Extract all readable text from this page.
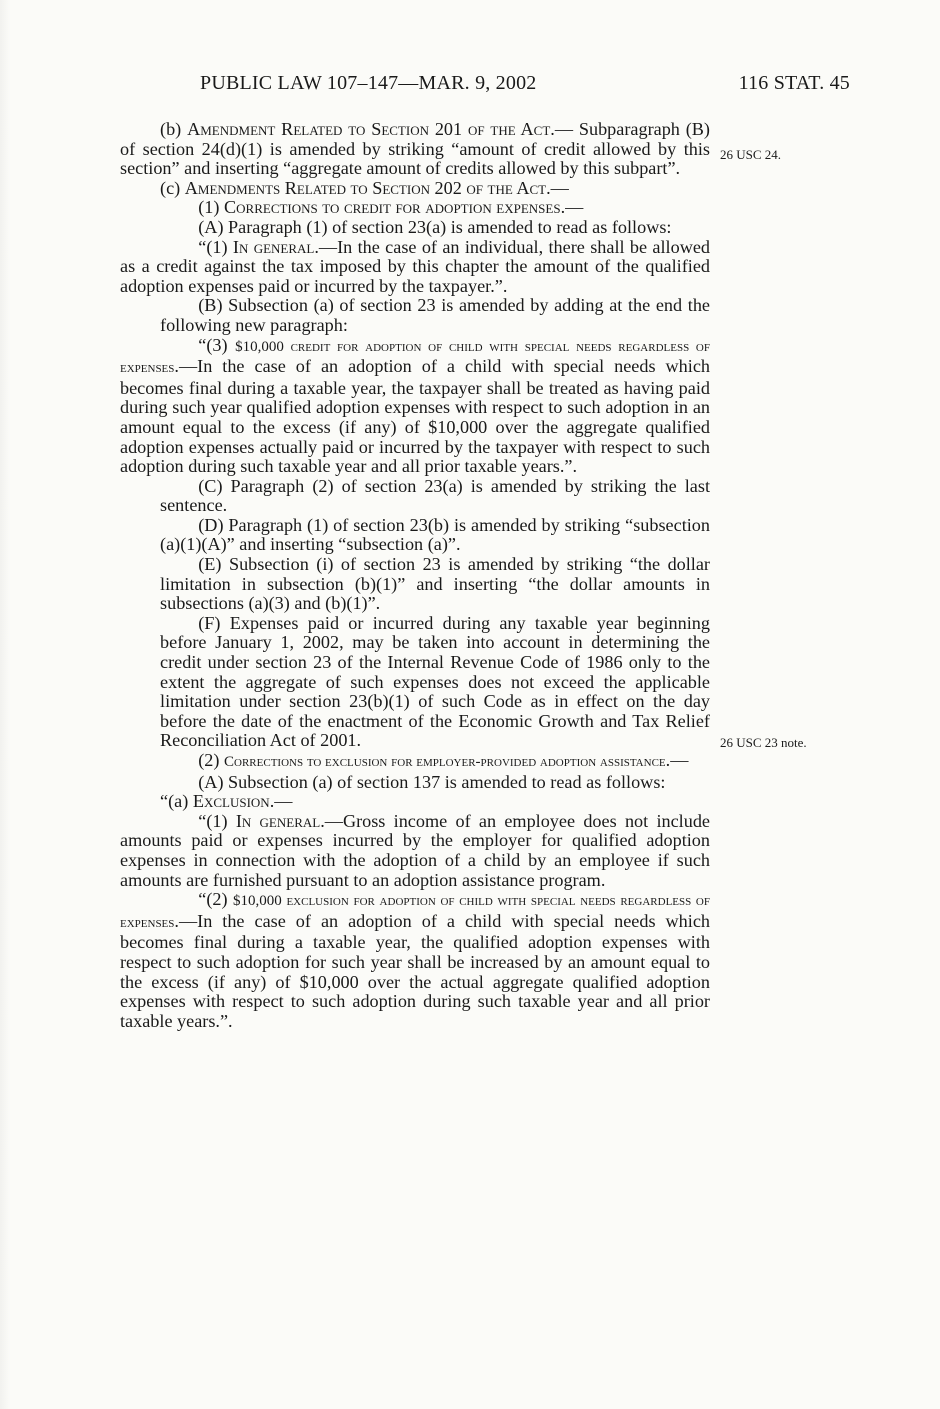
PUBLIC LAW 107–147—MAR. 9, 2002	116 STAT. 45
26 USC 24.
26 USC 23 note.

(b) Amendment Related to Section 201 of the Act.— Subparagraph (B) of section 24(d)(1) is amended by striking “amount of credit allowed by this section” and inserting “aggregate amount of credits allowed by this subpart”.

(c) Amendments Related to Section 202 of the Act.—

(1) Corrections to credit for adoption expenses.—

(A) Paragraph (1) of section 23(a) is amended to read as follows:

“(1) In general.—In the case of an individual, there shall be allowed as a credit against the tax imposed by this chapter the amount of the qualified adoption expenses paid or incurred by the taxpayer.”.

(B) Subsection (a) of section 23 is amended by adding at the end the following new paragraph:

“(3) $10,000 credit for adoption of child with special needs regardless of expenses.—In the case of an adoption of a child with special needs which becomes final during a taxable year, the taxpayer shall be treated as having paid during such year qualified adoption expenses with respect to such adoption in an amount equal to the excess (if any) of $10,000 over the aggregate qualified adoption expenses actually paid or incurred by the taxpayer with respect to such adoption during such taxable year and all prior taxable years.”.

(C) Paragraph (2) of section 23(a) is amended by striking the last sentence.

(D) Paragraph (1) of section 23(b) is amended by striking “subsection (a)(1)(A)” and inserting “subsection (a)”.

(E) Subsection (i) of section 23 is amended by striking “the dollar limitation in subsection (b)(1)” and inserting “the dollar amounts in subsections (a)(3) and (b)(1)”.

(F) Expenses paid or incurred during any taxable year beginning before January 1, 2002, may be taken into account in determining the credit under section 23 of the Internal Revenue Code of 1986 only to the extent the aggregate of such expenses does not exceed the applicable limitation under section 23(b)(1) of such Code as in effect on the day before the date of the enactment of the Economic Growth and Tax Relief Reconciliation Act of 2001.

(2) Corrections to exclusion for employer-provided adoption assistance.—

(A) Subsection (a) of section 137 is amended to read as follows:

“(a) Exclusion.—

“(1) In general.—Gross income of an employee does not include amounts paid or expenses incurred by the employer for qualified adoption expenses in connection with the adoption of a child by an employee if such amounts are furnished pursuant to an adoption assistance program.

“(2) $10,000 exclusion for adoption of child with special needs regardless of expenses.—In the case of an adoption of a child with special needs which becomes final during a taxable year, the qualified adoption expenses with respect to such adoption for such year shall be increased by an amount equal to the excess (if any) of $10,000 over the actual aggregate qualified adoption expenses with respect to such adoption during such taxable year and all prior taxable years.”.
